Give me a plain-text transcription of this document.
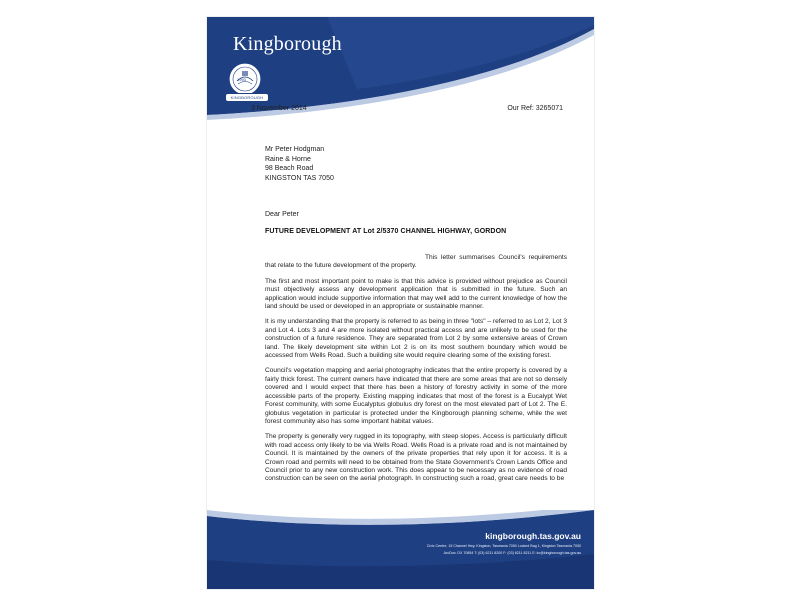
Kingborough
1993
KINGBOROUGH
3 November 2014	Our Ref: 3265071
Mr Peter Hodgman
Raine & Horne
98 Beach Road
KINGSTON TAS 7050
Dear Peter
FUTURE DEVELOPMENT AT Lot 2/5370 CHANNEL HIGHWAY, GORDON

This letter summarises Council's requirements that relate to the future development of the property.

The first and most important point to make is that this advice is provided without prejudice as Council must objectively assess any development application that is submitted in the future. Such an application would include supportive information that may well add to the current knowledge of how the land should be used or developed in an appropriate or sustainable manner.

It is my understanding that the property is referred to as being in three "lots" – referred to as Lot 2, Lot 3 and Lot 4. Lots 3 and 4 are more isolated without practical access and are unlikely to be used for the construction of a future residence. They are separated from Lot 2 by some extensive areas of Crown land. The likely development site within Lot 2 is on its most southern boundary which would be accessed from Wells Road. Such a building site would require clearing some of the existing forest.

Council's vegetation mapping and aerial photography indicates that the entire property is covered by a fairly thick forest. The current owners have indicated that there are some areas that are not so densely covered and I would expect that there has been a history of forestry activity in some of the more accessible parts of the property. Existing mapping indicates that most of the forest is a Eucalypt Wet Forest community, with some Eucalyptus globulus dry forest on the most elevated part of Lot 2. The E. globulus vegetation in particular is protected under the Kingborough planning scheme, while the wet forest community also has some important habitat values.

The property is generally very rugged in its topography, with steep slopes. Access is particularly difficult with road access only likely to be via Wells Road. Wells Road is a private road and is not maintained by Council. It is maintained by the owners of the private properties that rely upon it for access. It is a Crown road and permits will need to be obtained from the State Government's Crown Lands Office and Council prior to any new construction work. This does appear to be necessary as no evidence of road construction can be seen on the aerial photograph. In constructing such a road, great care needs to be

kingborough.tas.gov.au
Civic Centre, 15 Channel Hwy, Kingston, Tasmania 7050 Locked Bag 1, Kingston Tasmania 7050
ArcDoc: DX 70854 T: (03) 6211 8200 F: (03) 6211 8211 E: kc@kingborough.tas.gov.au
